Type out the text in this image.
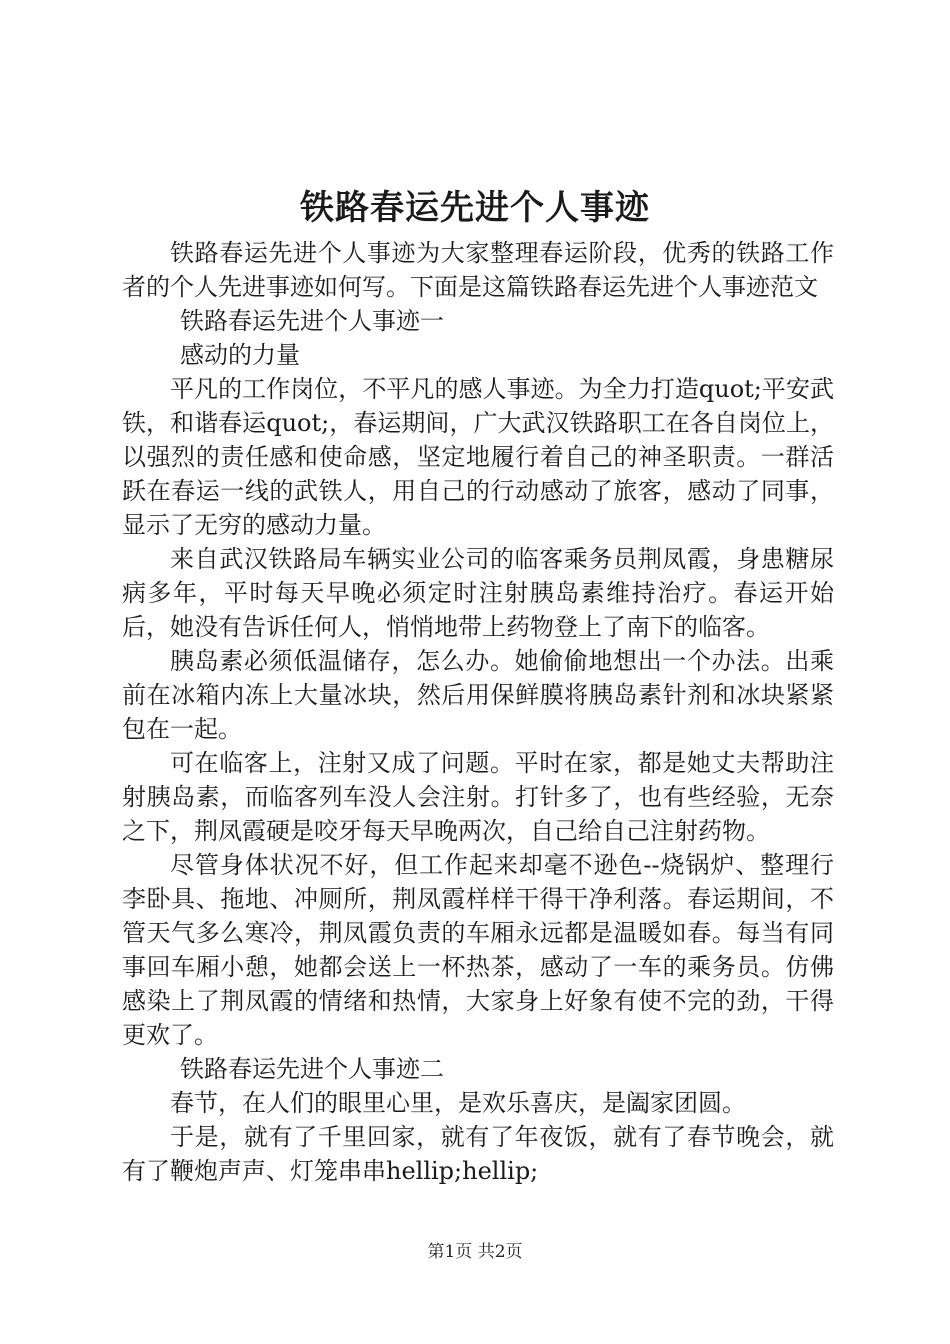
铁路春运先进个人事迹

铁路春运先进个人事迹为大家整理春运阶段，优秀的铁路工作者的个人先进事迹如何写。下面是这篇铁路春运先进个人事迹范文

铁路春运先进个人事迹一

感动的力量

平凡的工作岗位，不平凡的感人事迹。为全力打造quot;平安武铁，和谐春运quot;，春运期间，广大武汉铁路职工在各自岗位上，以强烈的责任感和使命感，坚定地履行着自己的神圣职责。一群活跃在春运一线的武铁人，用自己的行动感动了旅客，感动了同事，显示了无穷的感动力量。

来自武汉铁路局车辆实业公司的临客乘务员荆凤霞，身患糖尿病多年，平时每天早晚必须定时注射胰岛素维持治疗。春运开始后，她没有告诉任何人，悄悄地带上药物登上了南下的临客。

胰岛素必须低温储存，怎么办。她偷偷地想出一个办法。出乘前在冰箱内冻上大量冰块，然后用保鲜膜将胰岛素针剂和冰块紧紧包在一起。

可在临客上，注射又成了问题。平时在家，都是她丈夫帮助注射胰岛素，而临客列车没人会注射。打针多了，也有些经验，无奈之下，荆凤霞硬是咬牙每天早晚两次，自己给自己注射药物。

尽管身体状况不好，但工作起来却毫不逊色--烧锅炉、整理行李卧具、拖地、冲厕所，荆凤霞样样干得干净利落。春运期间，不管天气多么寒冷，荆凤霞负责的车厢永远都是温暖如春。每当有同事回车厢小憩，她都会送上一杯热茶，感动了一车的乘务员。仿佛感染上了荆凤霞的情绪和热情，大家身上好象有使不完的劲，干得更欢了。

铁路春运先进个人事迹二

春节，在人们的眼里心里，是欢乐喜庆，是阖家团圆。

于是，就有了千里回家，就有了年夜饭，就有了春节晚会，就有了鞭炮声声、灯笼串串hellip;hellip;

第1页 共2页
